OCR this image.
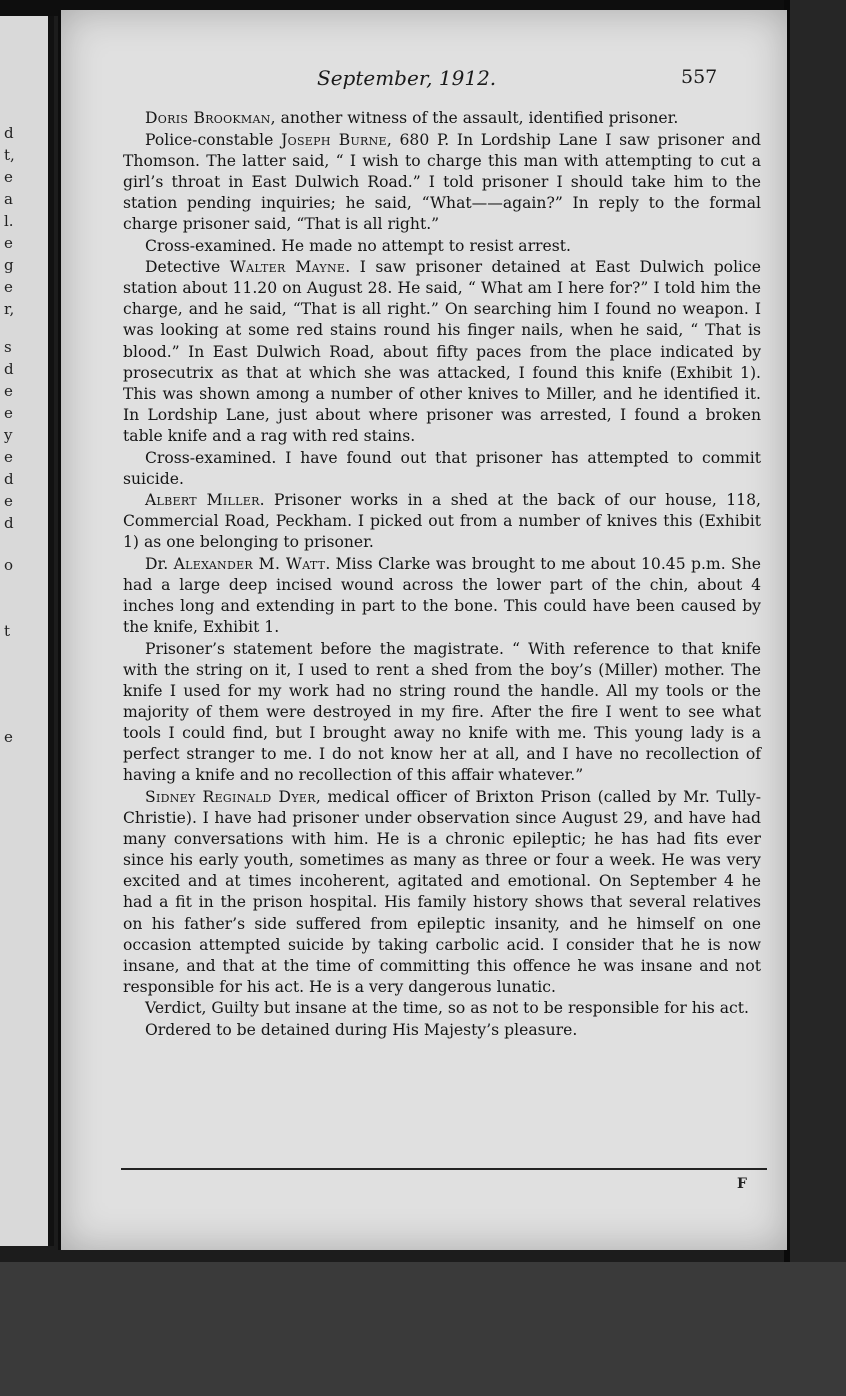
d
t,
e
a
l.
e
g
e
r,
s
d
e
e
y
e
d
e
d
o
t
e
September, 1912.	557

Doris Brookman, another witness of the assault, identified prisoner.

Police-constable Joseph Burne, 680 P. In Lordship Lane I saw prisoner and Thomson. The latter said, “ I wish to charge this man with attempting to cut a girl’s throat in East Dulwich Road.” I told prisoner I should take him to the station pending inquiries; he said, “What——again?” In reply to the formal charge prisoner said, “That is all right.”

Cross-examined. He made no attempt to resist arrest.

Detective Walter Mayne. I saw prisoner detained at East Dulwich police station about 11.20 on August 28. He said, “ What am I here for?” I told him the charge, and he said, “That is all right.” On searching him I found no weapon. I was looking at some red stains round his finger nails, when he said, “ That is blood.” In East Dulwich Road, about fifty paces from the place indicated by prosecutrix as that at which she was attacked, I found this knife (Exhibit 1). This was shown among a number of other knives to Miller, and he identified it. In Lordship Lane, just about where prisoner was arrested, I found a broken table knife and a rag with red stains.

Cross-examined. I have found out that prisoner has attempted to commit suicide.

Albert Miller. Prisoner works in a shed at the back of our house, 118, Commercial Road, Peckham. I picked out from a number of knives this (Exhibit 1) as one belonging to prisoner.

Dr. Alexander M. Watt. Miss Clarke was brought to me about 10.45 p.m. She had a large deep incised wound across the lower part of the chin, about 4 inches long and extending in part to the bone. This could have been caused by the knife, Exhibit 1.

Prisoner’s statement before the magistrate. “ With reference to that knife with the string on it, I used to rent a shed from the boy’s (Miller) mother. The knife I used for my work had no string round the handle. All my tools or the majority of them were destroyed in my fire. After the fire I went to see what tools I could find, but I brought away no knife with me. This young lady is a perfect stranger to me. I do not know her at all, and I have no recollection of having a knife and no recollection of this affair whatever.”

Sidney Reginald Dyer, medical officer of Brixton Prison (called by Mr. Tully-Christie). I have had prisoner under observation since August 29, and have had many conversations with him. He is a chronic epileptic; he has had fits ever since his early youth, sometimes as many as three or four a week. He was very excited and at times incoherent, agitated and emotional. On September 4 he had a fit in the prison hospital. His family history shows that several relatives on his father’s side suffered from epileptic insanity, and he himself on one occasion attempted suicide by taking carbolic acid. I consider that he is now insane, and that at the time of committing this offence he was insane and not responsible for his act. He is a very dangerous lunatic.

Verdict, Guilty but insane at the time, so as not to be responsible for his act.

Ordered to be detained during His Majesty’s pleasure.

F
